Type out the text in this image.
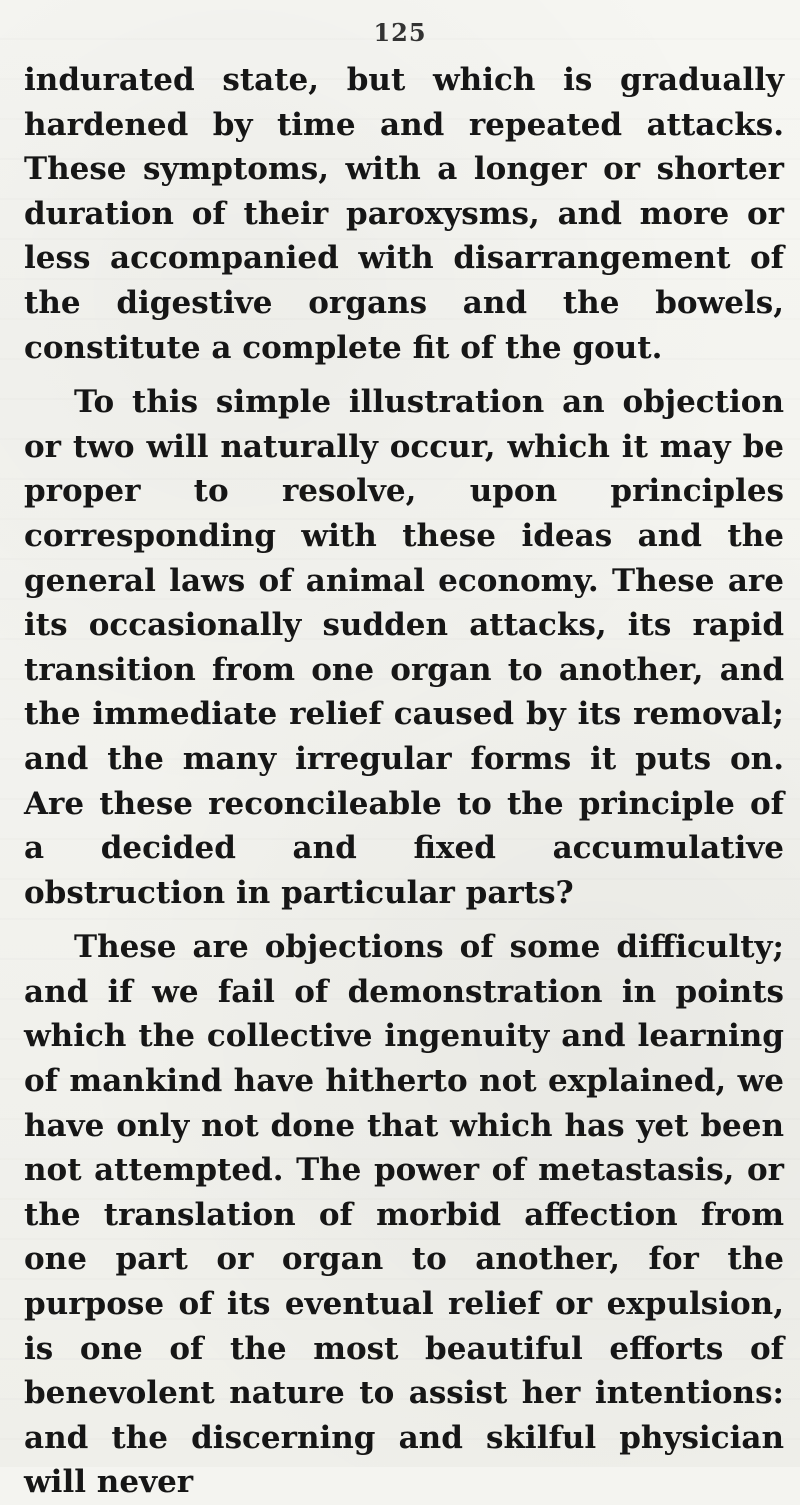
125

indurated state, but which is gradually hardened by time and repeated attacks. These symptoms, with a longer or shorter duration of their paroxysms, and more or less accompanied with disarrangement of the digestive organs and the bowels, constitute a complete fit of the gout.

To this simple illustration an objection or two will naturally occur, which it may be proper to resolve, upon principles corresponding with these ideas and the general laws of animal economy. These are its occasionally sudden attacks, its rapid transition from one organ to another, and the immediate relief caused by its removal; and the many irregular forms it puts on. Are these reconcileable to the principle of a decided and fixed accumulative obstruction in particular parts?

These are objections of some difficulty; and if we fail of demonstration in points which the collective ingenuity and learning of mankind have hitherto not explained, we have only not done that which has yet been not attempted. The power of metastasis, or the translation of morbid affection from one part or organ to another, for the purpose of its eventual relief or expulsion, is one of the most beautiful efforts of benevolent nature to assist her intentions: and the discerning and skilful physician will never
